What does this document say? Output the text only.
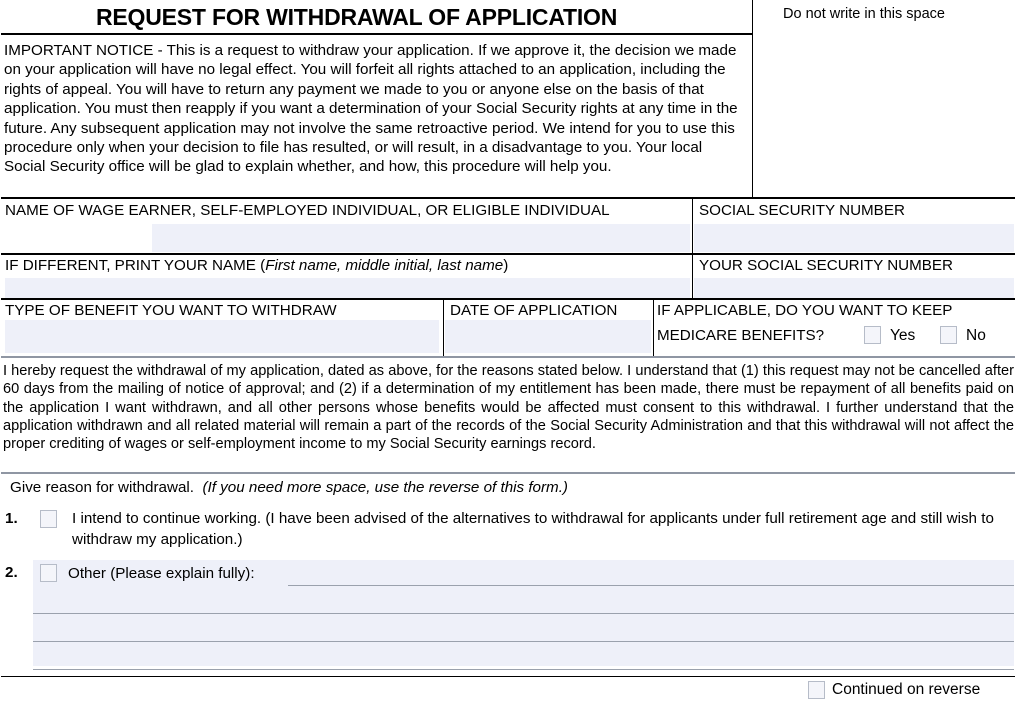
REQUEST FOR WITHDRAWAL OF APPLICATION	Do not write in this space
IMPORTANT NOTICE - This is a request to withdraw your application. If we approve it, the decision we made on your application will have no legal effect. You will forfeit all rights attached to an application, including the rights of appeal. You will have to return any payment we made to you or anyone else on the basis of that application. You must then reapply if you want a determination of your Social Security rights at any time in the future. Any subsequent application may not involve the same retroactive period. We intend for you to use this procedure only when your decision to file has resulted, or will result, in a disadvantage to you. Your local Social Security office will be glad to explain whether, and how, this procedure will help you.
NAME OF WAGE EARNER, SELF-EMPLOYED INDIVIDUAL, OR ELIGIBLE INDIVIDUAL	SOCIAL SECURITY NUMBER
IF DIFFERENT, PRINT YOUR NAME (First name, middle initial, last name)	YOUR SOCIAL SECURITY NUMBER
TYPE OF BENEFIT YOU WANT TO WITHDRAW	DATE OF APPLICATION	IF APPLICABLE, DO YOU WANT TO KEEP
MEDICARE BENEFITS?	Yes	No
I hereby request the withdrawal of my application, dated as above, for the reasons stated below. I understand that (1) this request may not be cancelled after 60 days from the mailing of notice of approval; and (2) if a determination of my entitlement has been made, there must be repayment of all benefits paid on the application I want withdrawn, and all other persons whose benefits would be affected must consent to this withdrawal. I further understand that the application withdrawn and all related material will remain a part of the records of the Social Security Administration and that this withdrawal will not affect the proper crediting of wages or self-employment income to my Social Security earnings record.
Give reason for withdrawal. (If you need more space, use the reverse of this form.)
1.	I intend to continue working. (I have been advised of the alternatives to withdrawal for applicants under full retirement age and still wish to withdraw my application.)
2.	Other (Please explain fully):
Continued on reverse
